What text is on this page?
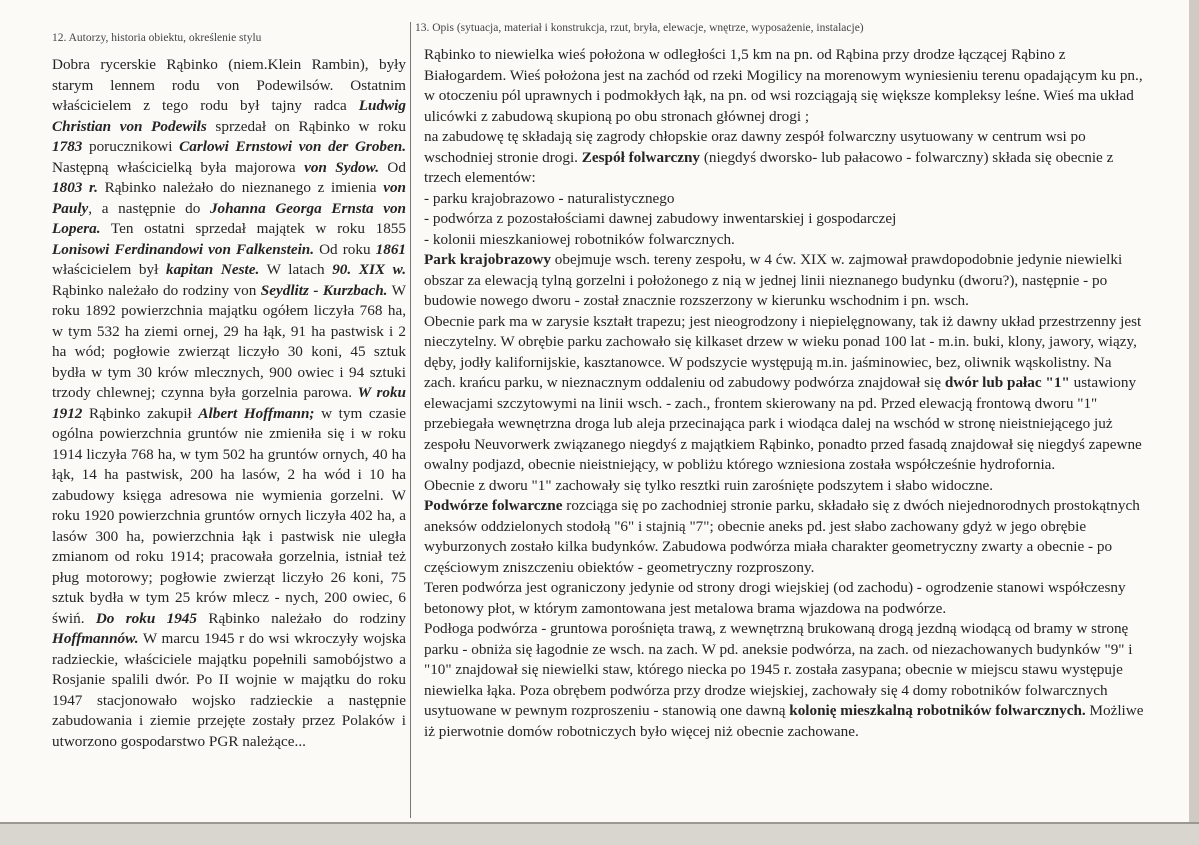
12. Autorzy, historia obiektu, określenie stylu
13. Opis (sytuacja, materiał i konstrukcja, rzut, bryła, elewacje, wnętrze, wyposażenie, instalacje)

Dobra rycerskie Rąbinko (niem.Klein Rambin), były starym lennem rodu von Podewilsów. Ostatnim właścicielem z tego rodu był tajny radca Ludwig Christian von Podewils sprzedał on Rąbinko w roku 1783 porucznikowi Carlowi Ernstowi von der Groben. Następną właścicielką była majorowa von Sydow. Od 1803 r. Rąbinko należało do nieznanego z imienia von Pauly, a następnie do Johanna Georga Ernsta von Lopera. Ten ostatni sprzedał majątek w roku 1855 Lonisowi Ferdinandowi von Falkenstein. Od roku 1861 właścicielem był kapitan Neste. W latach 90. XIX w. Rąbinko należało do rodziny von Seydlitz - Kurzbach. W roku 1892 powierzchnia majątku ogółem liczyła 768 ha, w tym 532 ha ziemi ornej, 29 ha łąk, 91 ha pastwisk i 2 ha wód; pogłowie zwierząt liczyło 30 koni, 45 sztuk bydła w tym 30 krów mlecznych, 900 owiec i 94 sztuki trzody chlewnej; czynna była gorzelnia parowa. W roku 1912 Rąbinko zakupił Albert Hoffmann; w tym czasie ogólna powierzchnia gruntów nie zmieniła się i w roku 1914 liczyła 768 ha, w tym 502 ha gruntów ornych, 40 ha łąk, 14 ha pastwisk, 200 ha lasów, 2 ha wód i 10 ha zabudowy księga adresowa nie wymienia gorzelni. W roku 1920 powierzchnia gruntów ornych liczyła 402 ha, a lasów 300 ha, powierzchnia łąk i pastwisk nie uległa zmianom od roku 1914; pracowała gorzelnia, istniał też pług motorowy; pogłowie zwierząt liczyło 26 koni, 75 sztuk bydła w tym 25 krów mlecz - nych, 200 owiec, 6 świń. Do roku 1945 Rąbinko należało do rodziny Hoffmannów. W marcu 1945 r do wsi wkroczyły wojska radzieckie, właściciele majątku popełnili samobójstwo a Rosjanie spalili dwór. Po II wojnie w majątku do roku 1947 stacjonowało wojsko radzieckie a następnie zabudowania i ziemie przejęte zostały przez Polaków i utworzono gospodarstwo PGR należące...

Rąbinko to niewielka wieś położona w odległości 1,5 km na pn. od Rąbina przy drodze łączącej Rąbino z Białogardem. Wieś położona jest na zachód od rzeki Mogilicy na morenowym wyniesieniu terenu opadającym ku pn., w otoczeniu pól uprawnych i podmokłych łąk, na pn. od wsi rozciągają się większe kompleksy leśne. Wieś ma układ ulicówki z zabudową skupioną po obu stronach głównej drogi ;

na zabudowę tę składają się zagrody chłopskie oraz dawny zespół folwarczny usytuowany w centrum wsi po wschodniej stronie drogi. Zespół folwarczny (niegdyś dworsko- lub pałacowo - folwarczny) składa się obecnie z trzech elementów:

- parku krajobrazowo - naturalistycznego

- podwórza z pozostałościami dawnej zabudowy inwentarskiej i gospodarczej

- kolonii mieszkaniowej robotników folwarcznych.

Park krajobrazowy obejmuje wsch. tereny zespołu, w 4 ćw. XIX w. zajmował prawdopodobnie jedynie niewielki obszar za elewacją tylną gorzelni i położonego z nią w jednej linii nieznanego budynku (dworu?), następnie - po budowie nowego dworu - został znacznie rozszerzony w kierunku wschodnim i pn. wsch.

Obecnie park ma w zarysie kształt trapezu; jest nieogrodzony i niepielęgnowany, tak iż dawny układ przestrzenny jest nieczytelny. W obrębie parku zachowało się kilkaset drzew w wieku ponad 100 lat - m.in. buki, klony, jawory, wiązy, dęby, jodły kalifornijskie, kasztanowce. W podszycie występują m.in. jaśminowiec, bez, oliwnik wąskolistny. Na zach. krańcu parku, w nieznacznym oddaleniu od zabudowy podwórza znajdował się dwór lub pałac "1" ustawiony elewacjami szczytowymi na linii wsch. - zach., frontem skierowany na pd. Przed elewacją frontową dworu "1" przebiegała wewnętrzna droga lub aleja przecinająca park i wiodąca dalej na wschód w stronę nieistniejącego już zespołu Neuvorwerk związanego niegdyś z majątkiem Rąbinko, ponadto przed fasadą znajdował się niegdyś zapewne owalny podjazd, obecnie nieistniejący, w pobliżu którego wzniesiona została współcześnie hydrofornia.

Obecnie z dworu "1" zachowały się tylko resztki ruin zarośnięte podszytem i słabo widoczne.

Podwórze folwarczne rozciąga się po zachodniej stronie parku, składało się z dwóch niejednorodnych prostokątnych aneksów oddzielonych stodołą "6" i stajnią "7"; obecnie aneks pd. jest słabo zachowany gdyż w jego obrębie wyburzonych zostało kilka budynków. Zabudowa podwórza miała charakter geometryczny zwarty a obecnie - po częściowym zniszczeniu obiektów - geometryczny rozproszony.

Teren podwórza jest ograniczony jedynie od strony drogi wiejskiej (od zachodu) - ogrodzenie stanowi współczesny betonowy płot, w którym zamontowana jest metalowa brama wjazdowa na podwórze.

Podłoga podwórza - gruntowa porośnięta trawą, z wewnętrzną brukowaną drogą jezdną wiodącą od bramy w stronę parku - obniża się łagodnie ze wsch. na zach. W pd. aneksie podwórza, na zach. od niezachowanych budynków "9" i "10" znajdował się niewielki staw, którego niecka po 1945 r. została zasypana; obecnie w miejscu stawu występuje niewielka łąka. Poza obrębem podwórza przy drodze wiejskiej, zachowały się 4 domy robotników folwarcznych usytuowane w pewnym rozproszeniu - stanowią one dawną kolonię mieszkalną robotników folwarcznych. Możliwe iż pierwotnie domów robotniczych było więcej niż obecnie zachowane.
